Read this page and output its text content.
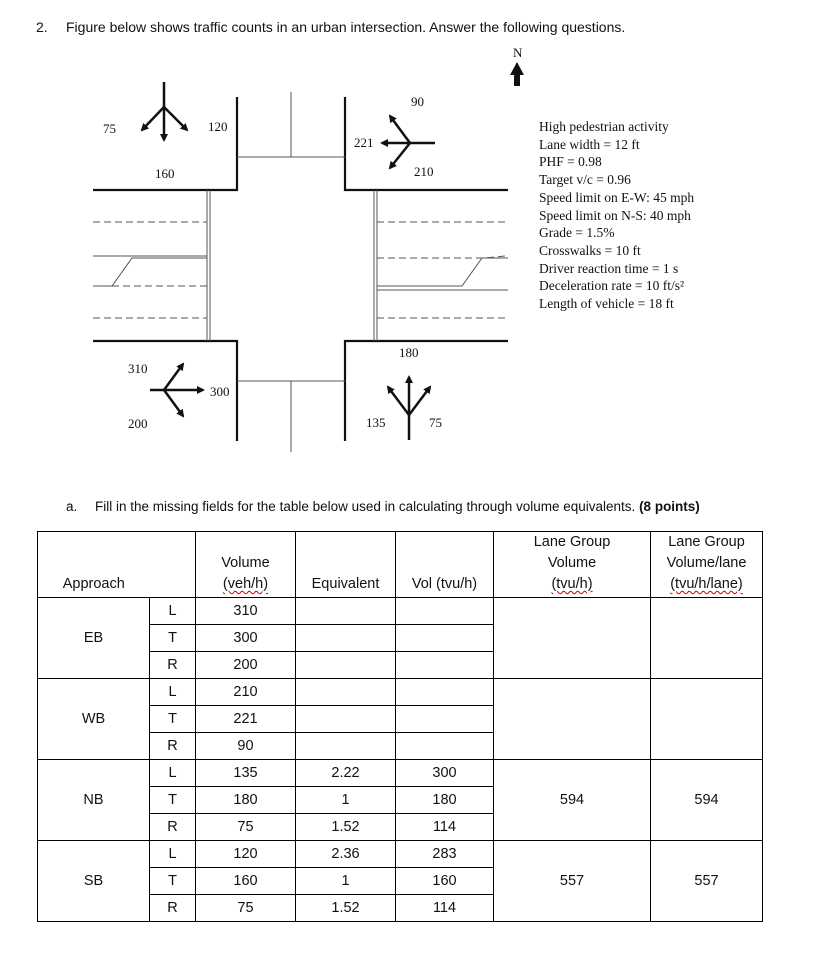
2. Figure below shows traffic counts in an urban intersection. Answer the following questions.
N
75	120
160
90
221
210
310
300
200
180
135	75
High pedestrian activity
Lane width = 12 ft
PHF = 0.98
Target v/c = 0.96
Speed limit on E-W: 45 mph
Speed limit on N-S: 40 mph
Grade = 1.5%
Crosswalks = 10 ft
Driver reaction time = 1 s
Deceleration rate = 10 ft/s²
Length of vehicle = 18 ft
a. Fill in the missing fields for the table below used in calculating through volume equivalents. (8 points)
Approach		Volume
(veh/h)	Equivalent	Vol (tvu/h)	Lane Group
Volume
(tvu/h)	Lane Group
Volume/lane
(tvu/h/lane)
EB	L	310				
	T	300				
	R	200				
WB	L	210				
	T	221				
	R	90				
NB	L	135	2.22	300	594	594
	T	180	1	180		
	R	75	1.52	114		
SB	L	120	2.36	283	557	557
	T	160	1	160		
	R	75	1.52	114		
